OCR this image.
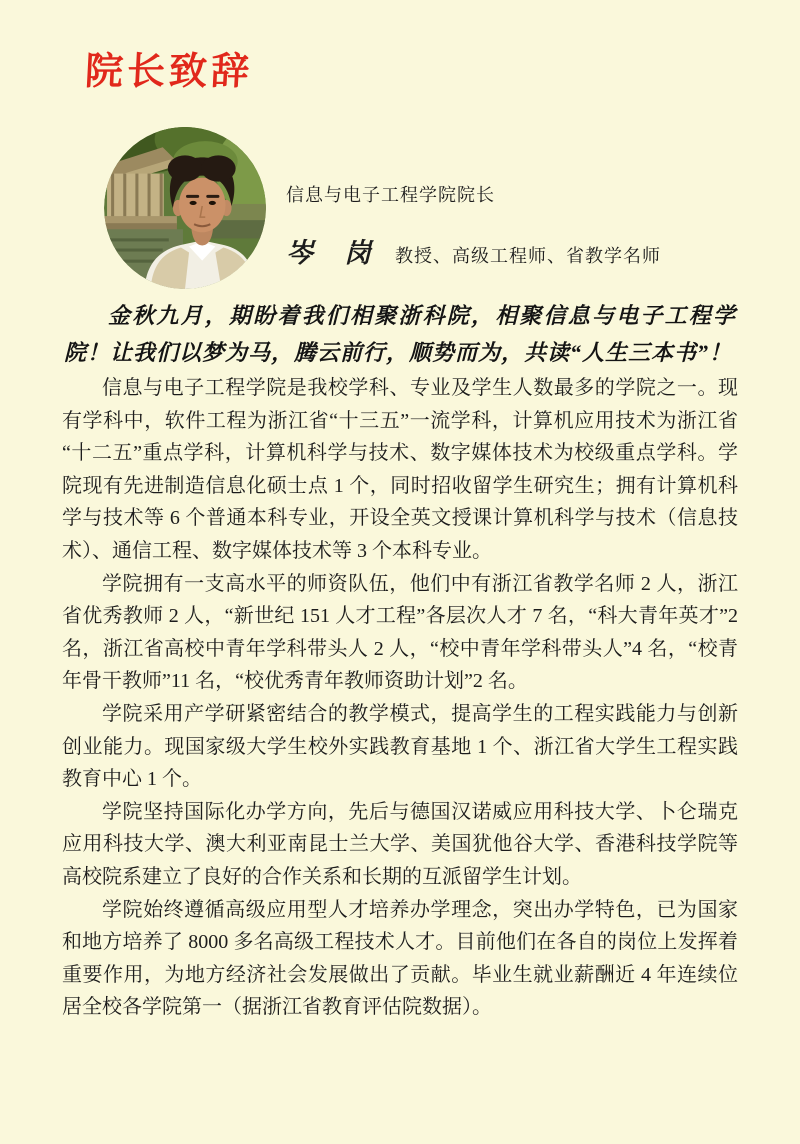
院长致辞
信息与电子工程学院院长
岑　岗 教授、高级工程师、省教学名师
金秋九月，期盼着我们相聚浙科院，相聚信息与电子工程学院！让我们以梦为马，腾云前行，顺势而为，共读“人生三本书”！

信息与电子工程学院是我校学科、专业及学生人数最多的学院之一。现有学科中，软件工程为浙江省“十三五”一流学科，计算机应用技术为浙江省“十二五”重点学科，计算机科学与技术、数字媒体技术为校级重点学科。学院现有先进制造信息化硕士点 1 个，同时招收留学生研究生；拥有计算机科学与技术等 6 个普通本科专业，开设全英文授课计算机科学与技术（信息技术）、通信工程、数字媒体技术等 3 个本科专业。

学院拥有一支高水平的师资队伍，他们中有浙江省教学名师 2 人，浙江省优秀教师 2 人，“新世纪 151 人才工程”各层次人才 7 名，“科大青年英才”2 名，浙江省高校中青年学科带头人 2 人，“校中青年学科带头人”4 名，“校青年骨干教师”11 名，“校优秀青年教师资助计划”2 名。

学院采用产学研紧密结合的教学模式，提高学生的工程实践能力与创新创业能力。现国家级大学生校外实践教育基地 1 个、浙江省大学生工程实践教育中心 1 个。

学院坚持国际化办学方向，先后与德国汉诺威应用科技大学、卜仑瑞克应用科技大学、澳大利亚南昆士兰大学、美国犹他谷大学、香港科技学院等高校院系建立了良好的合作关系和长期的互派留学生计划。

学院始终遵循高级应用型人才培养办学理念，突出办学特色，已为国家和地方培养了 8000 多名高级工程技术人才。目前他们在各自的岗位上发挥着重要作用，为地方经济社会发展做出了贡献。毕业生就业薪酬近 4 年连续位居全校各学院第一（据浙江省教育评估院数据）。
